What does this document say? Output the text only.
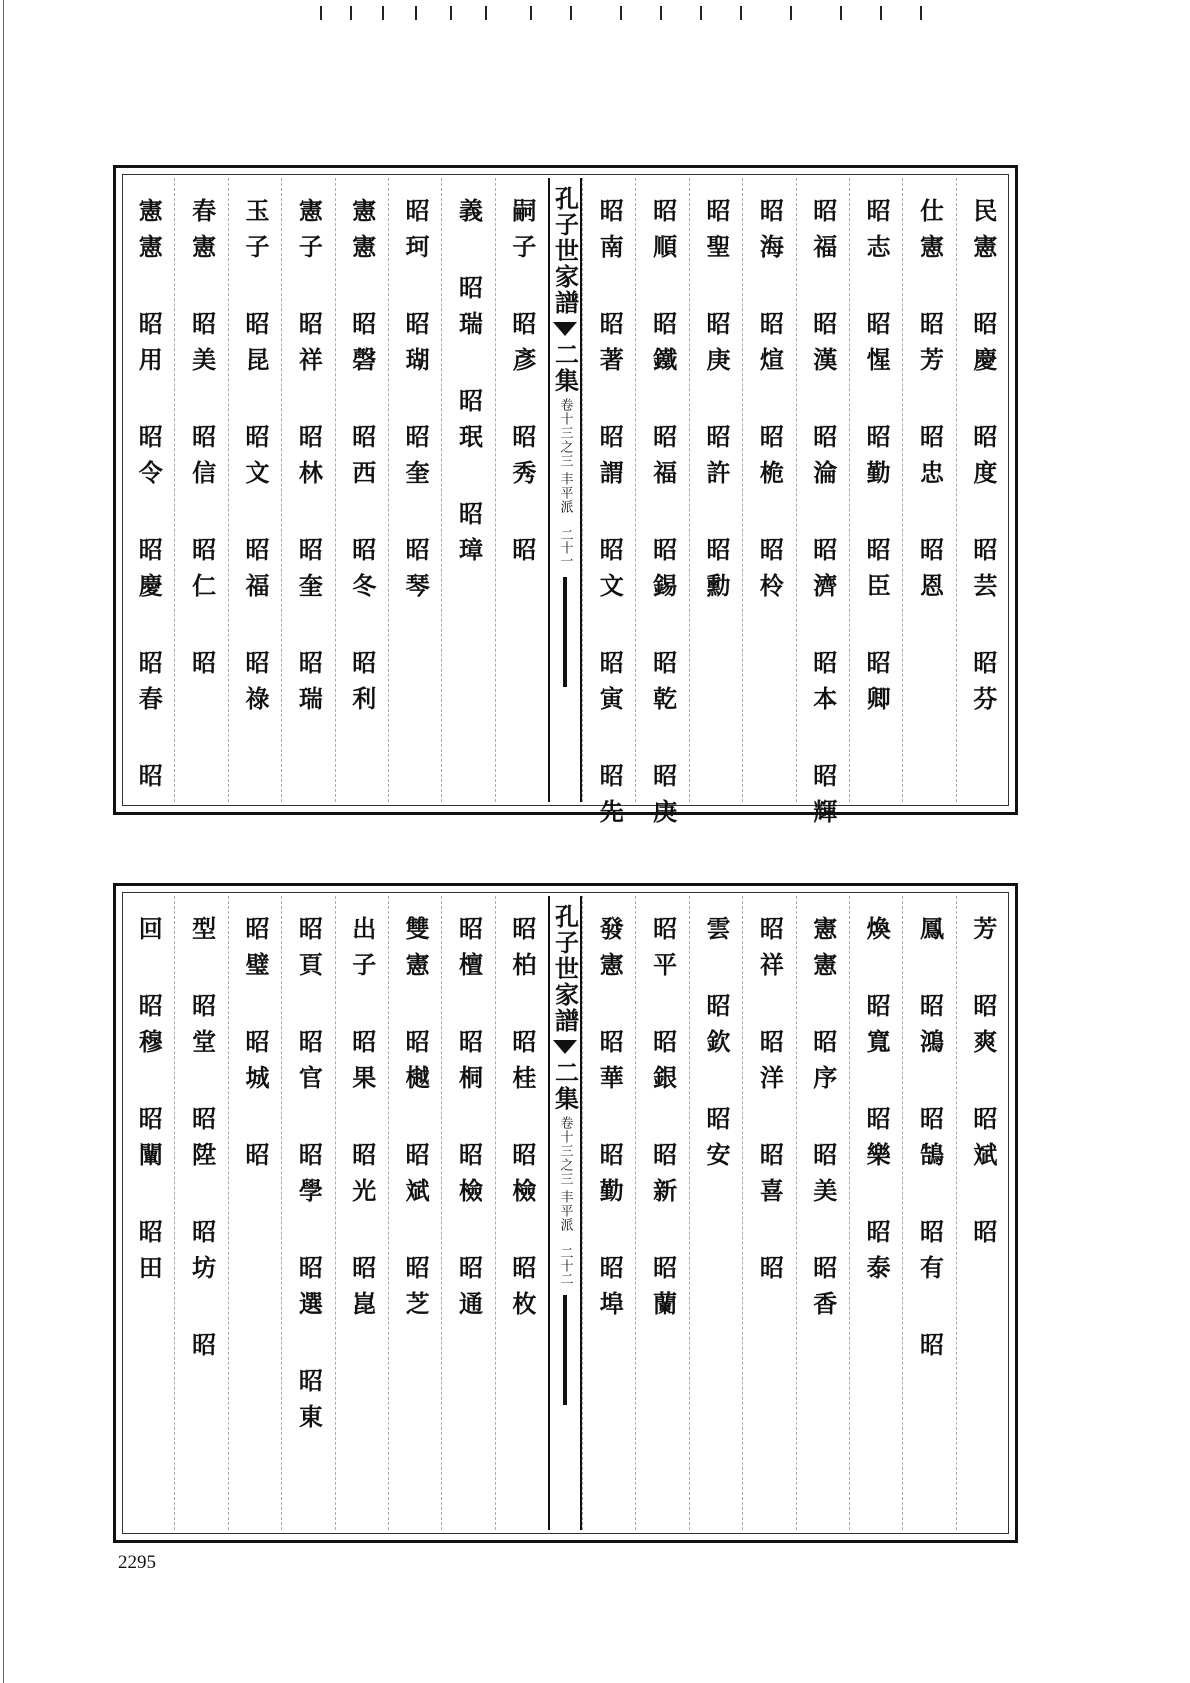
民憲 昭慶 昭度 昭芸 昭芬
仕憲 昭芳 昭忠 昭恩
昭志 昭惺 昭勤 昭臣 昭卿
昭福 昭漢 昭淪 昭濟 昭本 昭輝
昭海 昭煊 昭桅 昭柃
昭聖 昭庚 昭許 昭勳
昭順 昭鐵 昭福 昭錫 昭乾 昭庚
昭南 昭著 昭謂 昭文 昭寅 昭先
孔子世家譜
二集
卷十三之三
丰平派
二十一
嗣子 昭彥 昭秀 昭
義 昭瑞 昭珉 昭璋
昭珂 昭瑚 昭奎 昭琴
憲憲 昭磬 昭西 昭冬 昭利
憲子 昭祥 昭林 昭奎 昭瑞
玉子 昭昆 昭文 昭福 昭祿
春憲 昭美 昭信 昭仁 昭
憲憲 昭用 昭令 昭慶 昭春 昭
芳 昭爽 昭斌 昭
鳳 昭鴻 昭鵠 昭有 昭
煥 昭寬 昭樂 昭泰
憲憲 昭序 昭美 昭香
昭祥 昭洋 昭喜 昭
雲 昭欽 昭安
昭平 昭銀 昭新 昭蘭
發憲 昭華 昭勤 昭埠
孔子世家譜
二集
卷十三之三
丰平派
二十二
昭柏 昭桂 昭檢 昭枚
昭檀 昭桐 昭檢 昭通
雙憲 昭樾 昭斌 昭芝
出子 昭果 昭光 昭崑
昭頁 昭官 昭學 昭選 昭東
昭璧 昭城 昭
型 昭堂 昭陞 昭坊 昭
回 昭穆 昭闡 昭田
2295
